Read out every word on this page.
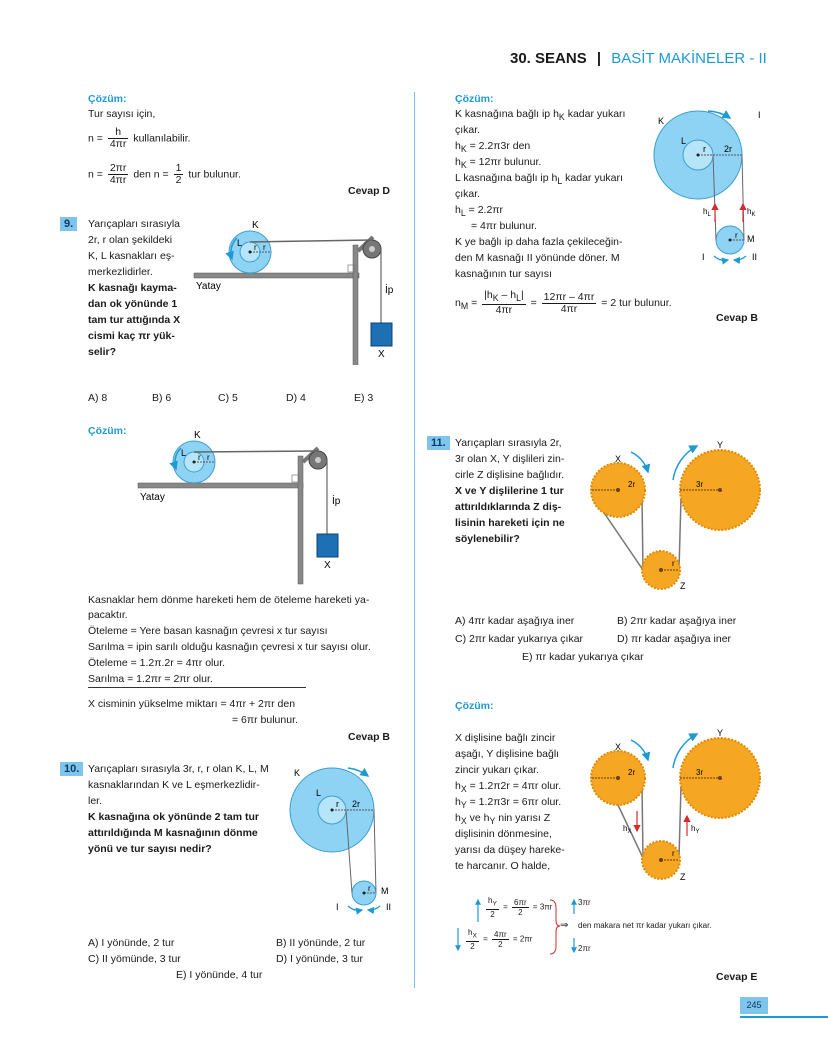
30. SEANS | BASİT MAKİNELER - II
Çözüm:
Tur sayısı için,
$n = \frac{h}{4\pi r}$ kullanılabilir.
$n = \frac{2\pi r}{4\pi r}$ den $n = \frac{1}{2}$ tur bulunur.
Cevap D
9.	Yarıçapları sırasıyla
2r, r olan şekildeki
K, L kasnakları eş-
merkezlidirler.
K kasnağı kayma-
dan ok yönünde 1
tam tur attığında X
cismi kaç πr yük-
selir?
K
L r r
Yatay	İp
X
A) 8	B) 6	C) 5	D) 4	E) 3
Çözüm:	K
L r r
Yatay	İp
X
Kasnaklar hem dönme hareketi hem de öteleme hareketi ya-
pacaktır.
Öteleme = Yere basan kasnağın çevresi x tur sayısı
Sarılma = ipin sarılı olduğu kasnağın çevresi x tur sayısı olur.
Öteleme = 1.2π.2r = 4πr olur.
Sarılma = 1.2πr = 2πr olur.
X cisminin yükselme miktarı = 4πr + 2πr den
= 6πr bulunur.
Cevap B
10. Yarıçapları sırasıyla 3r, r, r olan K, L, M
kasnaklarından K ve L eşmerkezlidir-
ler.
K kasnağına ok yönünde 2 tam tur
attırıldığında M kasnağının dönme
yönü ve tur sayısı nedir?
K
L
r 2r
r M
I	II
A) I yönünde, 2 tur	B) II yönünde, 2 tur
C) II yömünde, 3 tur	D) I yönünde, 3 tur
E) I yönünde, 4 tur
Çözüm:
K kasnağına bağlı ip $h_K$ kadar yukarı
çıkar.
$h_K = 2.2\pi 3r$ den
$h_K = 12\pi r$ bulunur.
L kasnağına bağlı ip $h_L$ kadar yukarı
çıkar.
$h_L = 2.2\pi r$
= 4πr bulunur.
K ye bağlı ip daha fazla çekileceğin-
den M kasnağı II yönünde döner. M
kasnağının tur sayısı
$n_M = \frac{|h_K - h_L|}{4\pi r} = \frac{12\pi r - 4\pi r}{4\pi r} = 2$ tur bulunur.
Cevap B
K
L
r 2r
I
$h_L$	$h_K$
r M
I	II
11. Yarıçapları sırasıyla 2r,
3r olan X, Y dişlileri zin-
cirle Z dişlisine bağlıdır.
X ve Y dişlilerine 1 tur
attırıldıklarında Z diş-
lisinin hareketi için ne
söylenebilir?
X
Y
Z
2r	3r
r
A) 4πr kadar aşağıya iner	B) 2πr kadar aşağıya iner
C) 2πr kadar yukarıya çıkar	D) πr kadar aşağıya iner
E) πr kadar yukarıya çıkar
Çözüm:
X dişlisine bağlı zincir
aşağı, Y dişlisine bağlı
zincir yukarı çıkar.
$h_X = 1.2\pi 2r = 4\pi r$ olur.
$h_Y = 1.2\pi 3r = 6\pi r$ olur.
$h_X$ ve $h_Y$ nin yarısı Z
dişlisinin dönmesine,
yarısı da düşey hareke-
te harcanır. O halde,
X
Y
Z
2r	3r
r
$h_X$	$h_Y$
$\frac{h_Y}{2} = \frac{6\pi r}{2} = 3\pi r$
$\frac{h_X}{2} = \frac{4\pi r}{2} = 2\pi r$
⇒
3πr
2πr
den makara net πr kadar yukarı çıkar.
Cevap E
245
